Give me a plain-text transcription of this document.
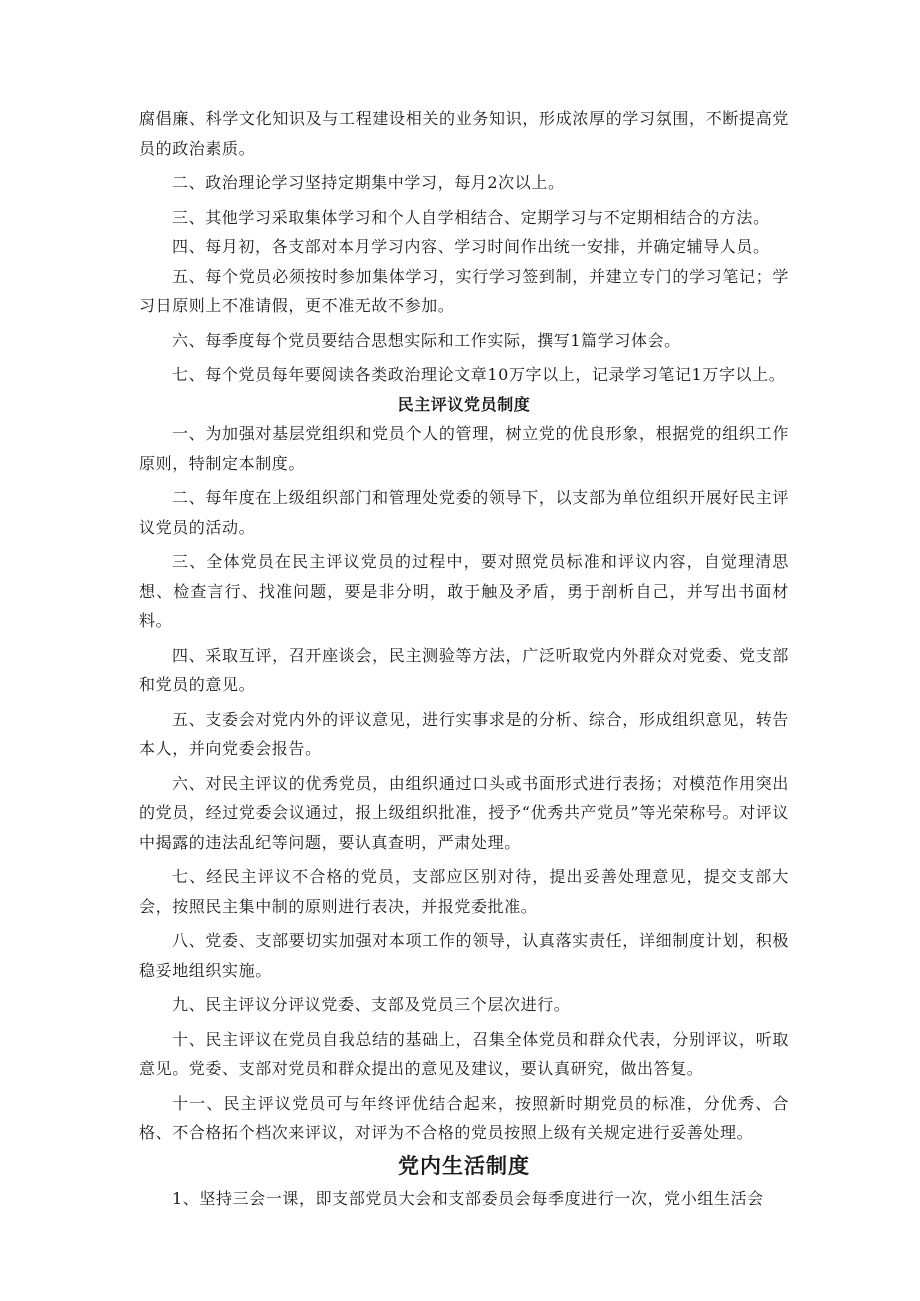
腐倡廉、科学文化知识及与工程建设相关的业务知识，形成浓厚的学习氛围，不断提高党员的政治素质。

二、政治理论学习坚持定期集中学习，每月2次以上。

三、其他学习采取集体学习和个人自学相结合、定期学习与不定期相结合的方法。

四、每月初，各支部对本月学习内容、学习时间作出统一安排，并确定辅导人员。

五、每个党员必须按时参加集体学习，实行学习签到制，并建立专门的学习笔记；学习日原则上不准请假，更不准无故不参加。

六、每季度每个党员要结合思想实际和工作实际，撰写1篇学习体会。

七、每个党员每年要阅读各类政治理论文章10万字以上，记录学习笔记1万字以上。

民主评议党员制度

一、为加强对基层党组织和党员个人的管理，树立党的优良形象，根据党的组织工作原则，特制定本制度。

二、每年度在上级组织部门和管理处党委的领导下，以支部为单位组织开展好民主评议党员的活动。

三、全体党员在民主评议党员的过程中，要对照党员标准和评议内容，自觉理清思想、检查言行、找准问题，要是非分明，敢于触及矛盾，勇于剖析自己，并写出书面材料。

四、采取互评，召开座谈会，民主测验等方法，广泛听取党内外群众对党委、党支部和党员的意见。

五、支委会对党内外的评议意见，进行实事求是的分析、综合，形成组织意见，转告本人，并向党委会报告。

六、对民主评议的优秀党员，由组织通过口头或书面形式进行表扬；对模范作用突出的党员，经过党委会议通过，报上级组织批准，授予“优秀共产党员”等光荣称号。对评议中揭露的违法乱纪等问题，要认真查明，严肃处理。

七、经民主评议不合格的党员，支部应区别对待，提出妥善处理意见，提交支部大会，按照民主集中制的原则进行表决，并报党委批准。

八、党委、支部要切实加强对本项工作的领导，认真落实责任，详细制度计划，积极稳妥地组织实施。

九、民主评议分评议党委、支部及党员三个层次进行。

十、民主评议在党员自我总结的基础上，召集全体党员和群众代表，分别评议，听取意见。党委、支部对党员和群众提出的意见及建议，要认真研究，做出答复。

十一、民主评议党员可与年终评优结合起来，按照新时期党员的标准，分优秀、合格、不合格拓个档次来评议，对评为不合格的党员按照上级有关规定进行妥善处理。

党内生活制度

1、坚持三会一课，即支部党员大会和支部委员会每季度进行一次，党小组生活会
